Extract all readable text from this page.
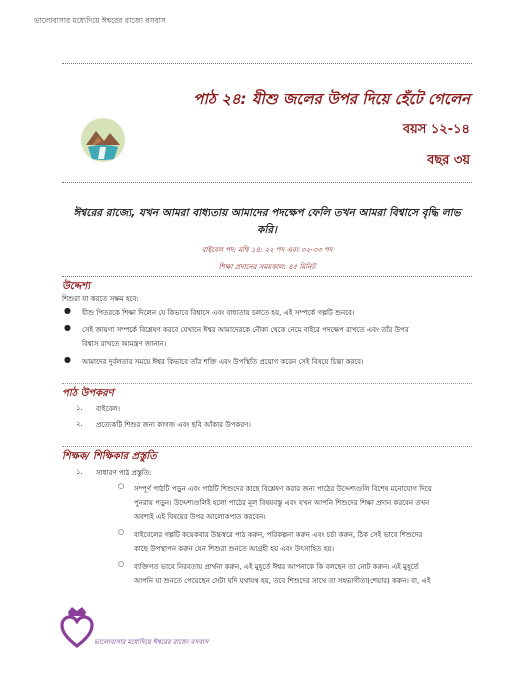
ভালোবাসার মধ্যেদিয়ে ঈশ্বরের রাজ্যে বসবাস
পাঠ ২৪: যীশু জলের উপর দিয়ে হেঁটে গেলেন
বয়স ১২-১৪
বছর ৩য়
ঈশ্বরের রাজ্যে, যখন আমরা বাধ্যতায় আমাদের পদক্ষেপ ফেলি তখন আমরা বিশ্বাসে বৃদ্ধি লাভ
করি।
বাইবেল পদ: মথি ১৪: ২২ পদ এবং ৩২-৩৩ পদ
শিক্ষা প্রদানের সময়কাল: ৪৫ মিনিট
উদ্দেশ্য
শিশুরা যা করতে সক্ষম হবে:
● যীশু পিতরকে শিক্ষা দিলেন যে কিভাবে বিশ্বাসে এবং বাধ্যতায় চলতে হয়, এই সম্পর্কে গল্পটি শুনবে।
● সেই জায়গা সম্পর্কে বিশ্লেষণ করবে যেখানে ঈশ্বর আমাদেরকে নৌকা থেকে নেমে বাইরে পদক্ষেপ রাখতে এবং তাঁর উপর
বিশ্বাস রাখতে আমন্ত্রণ জানান।
● আমাদের দুর্বলতার সময়ে ঈশ্বর কিভাবে তাঁর শক্তি এবং উপস্থিতি প্রয়োগ করেন সেই বিষয়ে চিন্তা করবে।
পাঠ উপকরণ
১. বাইবেল।
২. প্রত্যেকটি শিশুর জন্য কাগজ এবং ছবি আঁকার উপকরণ।
শিক্ষক/ শিক্ষিকার প্রস্তুতি
১. সাধারণ পাঠ প্রস্তুতি:
○ সম্পূর্ণ পাঠটি পড়ুন এবং পাঠটি শিশুদের কাছে বিশ্লেষণ করার জন্য পাঠের উদ্দেশ্যগুলি বিশেষ মনোযোগ দিয়ে
পুনরায় পড়ুন। উদ্দেশ্যগুলিই হলো পাঠের মূল বিষয়বস্তু এবং যখন আপনি শিশুদের শিক্ষা প্রদান করবেন তখন
অবশ্যই এই বিষয়ের উপর আলোকপাত করবেন।
○ বাইবেলের গল্পটি কয়েকবার উচ্চস্বরে পাঠ করুন, পরিকল্পনা করুন এবং চর্চা করুন, ঠিক সেই ভাবে শিশুদের
কাছে উপস্থাপন করুন যেন শিশুরা শুনতে আগ্রহী হয় এবং উৎসাহিত হয়।
○ ব্যক্তিগত ভাবে নিরবতায় প্রার্থনা করুন, এই মুহূর্তে ঈশ্বর আপনাকে কি বলছেন তা নোট করুন। এই মুহূর্তে
আপনি যা শুনতে পেয়েছেন সেটা যদি যথাযথ হয়, তবে শিশুদের সাথে তা সহভাগীতা(শেয়ার) করুন। বা, এই
ভালোবাসার মধ্যেদিয়ে ঈশ্বরের রাজ্যে বসবাস
